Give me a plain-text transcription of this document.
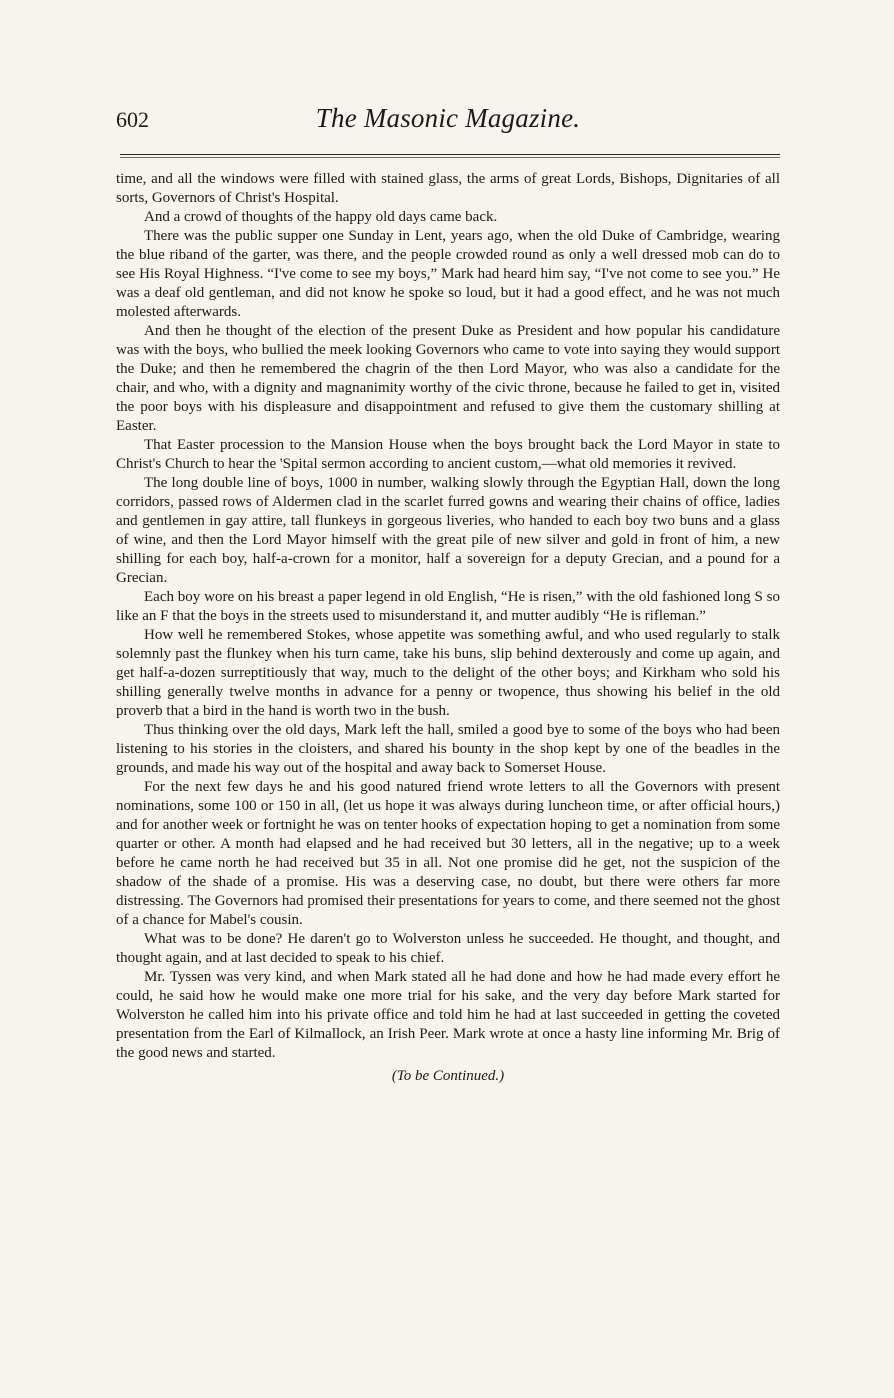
602	The Masonic Magazine.

time, and all the windows were filled with stained glass, the arms of great Lords, Bishops, Dignitaries of all sorts, Governors of Christ's Hospital.

And a crowd of thoughts of the happy old days came back.

There was the public supper one Sunday in Lent, years ago, when the old Duke of Cambridge, wearing the blue riband of the garter, was there, and the people crowded round as only a well dressed mob can do to see His Royal Highness. “I've come to see my boys,” Mark had heard him say, “I've not come to see you.” He was a deaf old gentleman, and did not know he spoke so loud, but it had a good effect, and he was not much molested afterwards.

And then he thought of the election of the present Duke as President and how popular his candidature was with the boys, who bullied the meek looking Governors who came to vote into saying they would support the Duke; and then he remembered the chagrin of the then Lord Mayor, who was also a candidate for the chair, and who, with a dignity and magnanimity worthy of the civic throne, because he failed to get in, visited the poor boys with his displeasure and disappointment and refused to give them the customary shilling at Easter.

That Easter procession to the Mansion House when the boys brought back the Lord Mayor in state to Christ's Church to hear the 'Spital sermon according to ancient custom,—what old memories it revived.

The long double line of boys, 1000 in number, walking slowly through the Egyptian Hall, down the long corridors, passed rows of Aldermen clad in the scarlet furred gowns and wearing their chains of office, ladies and gentlemen in gay attire, tall flunkeys in gorgeous liveries, who handed to each boy two buns and a glass of wine, and then the Lord Mayor himself with the great pile of new silver and gold in front of him, a new shilling for each boy, half-a-crown for a monitor, half a sovereign for a deputy Grecian, and a pound for a Grecian.

Each boy wore on his breast a paper legend in old English, “He is risen,” with the old fashioned long S so like an F that the boys in the streets used to misunderstand it, and mutter audibly “He is rifleman.”

How well he remembered Stokes, whose appetite was something awful, and who used regularly to stalk solemnly past the flunkey when his turn came, take his buns, slip behind dexterously and come up again, and get half-a-dozen surreptitiously that way, much to the delight of the other boys; and Kirkham who sold his shilling generally twelve months in advance for a penny or twopence, thus showing his belief in the old proverb that a bird in the hand is worth two in the bush.

Thus thinking over the old days, Mark left the hall, smiled a good bye to some of the boys who had been listening to his stories in the cloisters, and shared his bounty in the shop kept by one of the beadles in the grounds, and made his way out of the hospital and away back to Somerset House.

For the next few days he and his good natured friend wrote letters to all the Governors with present nominations, some 100 or 150 in all, (let us hope it was always during luncheon time, or after official hours,) and for another week or fortnight he was on tenter hooks of expectation hoping to get a nomination from some quarter or other. A month had elapsed and he had received but 30 letters, all in the negative; up to a week before he came north he had received but 35 in all. Not one promise did he get, not the suspicion of the shadow of the shade of a promise. His was a deserving case, no doubt, but there were others far more distressing. The Governors had promised their presentations for years to come, and there seemed not the ghost of a chance for Mabel's cousin.

What was to be done? He daren't go to Wolverston unless he succeeded. He thought, and thought, and thought again, and at last decided to speak to his chief.

Mr. Tyssen was very kind, and when Mark stated all he had done and how he had made every effort he could, he said how he would make one more trial for his sake, and the very day before Mark started for Wolverston he called him into his private office and told him he had at last succeeded in getting the coveted presentation from the Earl of Kilmallock, an Irish Peer. Mark wrote at once a hasty line informing Mr. Brig of the good news and started.

(To be Continued.)
